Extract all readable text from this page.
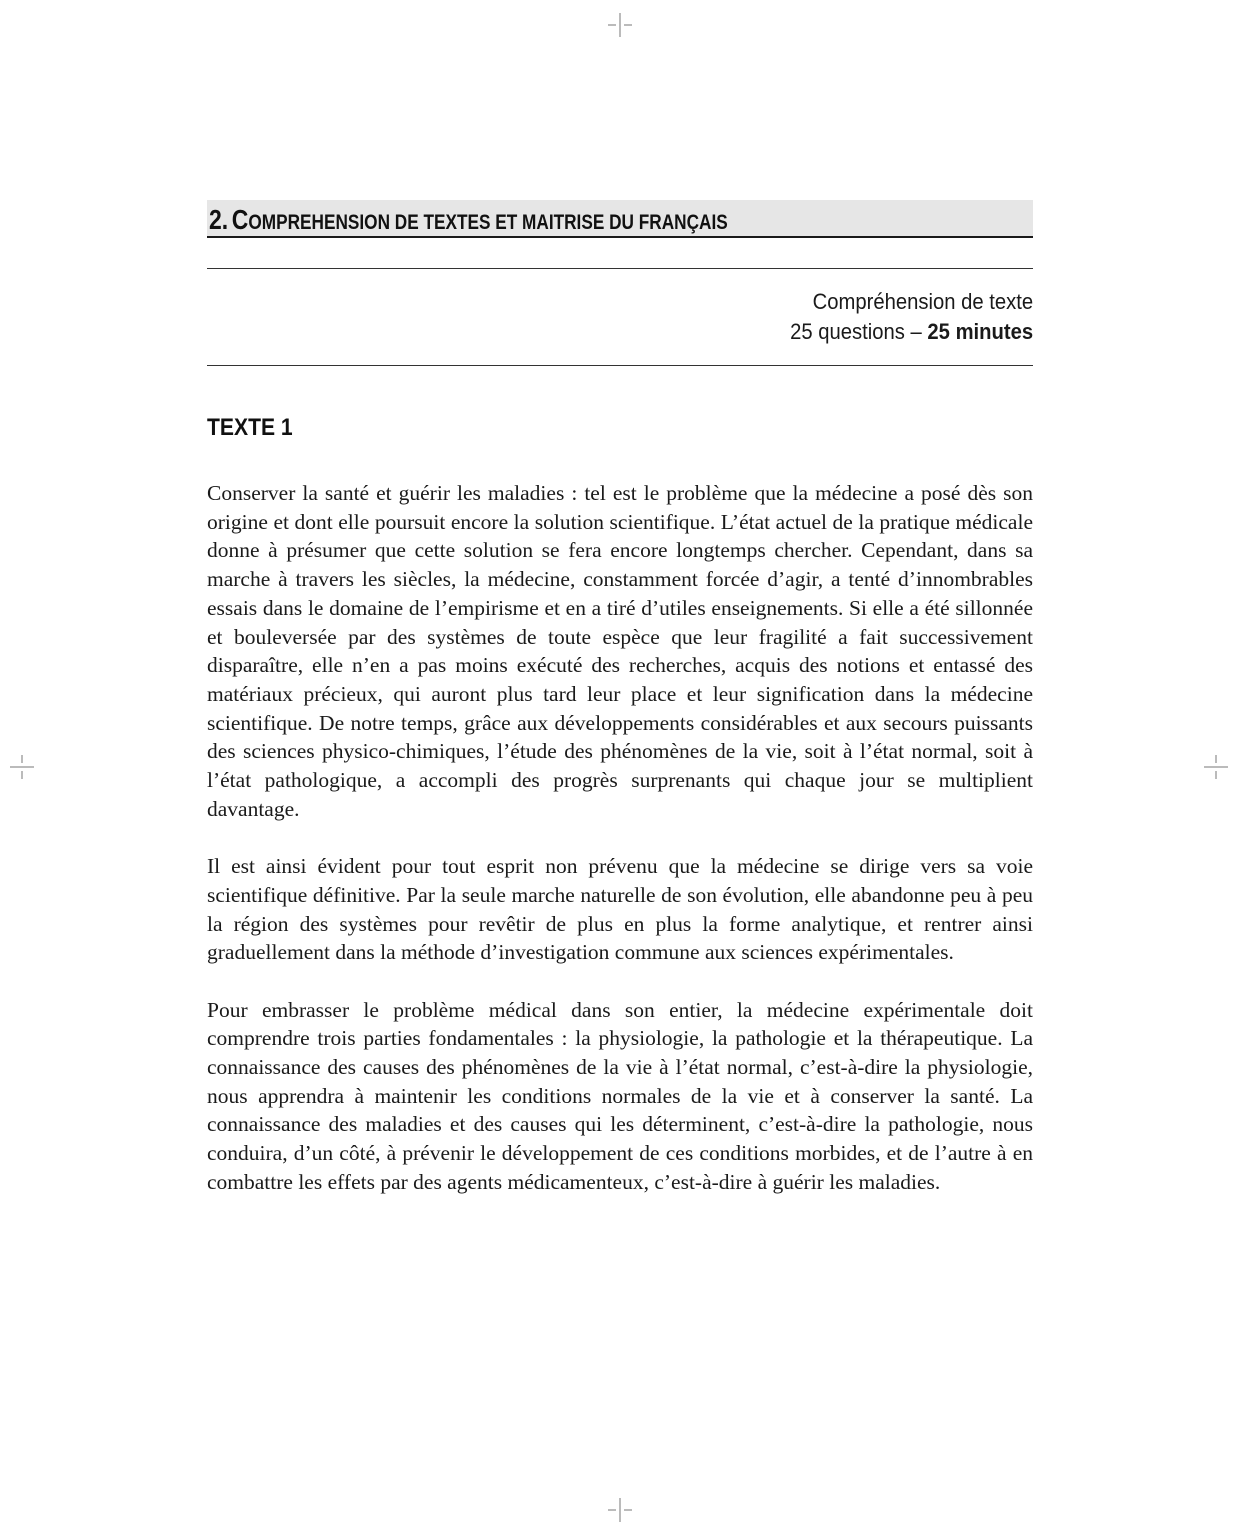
2. COMPREHENSION DE TEXTES ET MAITRISE DU FRANÇAIS
Compréhension de texte
25 questions – 25 minutes
TEXTE 1

Conserver la santé et guérir les maladies : tel est le problème que la médecine a posé dès son origine et dont elle poursuit encore la solution scientifique. L’état actuel de la pratique médicale donne à présumer que cette solution se fera encore longtemps chercher. Cependant, dans sa marche à travers les siècles, la médecine, constamment forcée d’agir, a tenté d’innombrables essais dans le domaine de l’empirisme et en a tiré d’utiles enseignements. Si elle a été sillonnée et bouleversée par des systèmes de toute espèce que leur fragilité a fait successivement disparaître, elle n’en a pas moins exécuté des recherches, acquis des notions et entassé des matériaux précieux, qui auront plus tard leur place et leur signification dans la médecine scientifique. De notre temps, grâce aux développements considérables et aux secours puissants des sciences physico-chimiques, l’étude des phénomènes de la vie, soit à l’état normal, soit à l’état pathologique, a accompli des progrès surprenants qui chaque jour se multiplient davantage.

Il est ainsi évident pour tout esprit non prévenu que la médecine se dirige vers sa voie scientifique définitive. Par la seule marche naturelle de son évolution, elle abandonne peu à peu la région des systèmes pour revêtir de plus en plus la forme analytique, et rentrer ainsi graduellement dans la méthode d’investigation commune aux sciences expérimentales.

Pour embrasser le problème médical dans son entier, la médecine expérimentale doit comprendre trois parties fondamentales : la physiologie, la pathologie et la thérapeutique. La connaissance des causes des phénomènes de la vie à l’état normal, c’est-à-dire la physiologie, nous apprendra à maintenir les conditions normales de la vie et à conserver la santé. La connaissance des maladies et des causes qui les déterminent, c’est-à-dire la pathologie, nous conduira, d’un côté, à prévenir le développement de ces conditions morbides, et de l’autre à en combattre les effets par des agents médicamenteux, c’est-à-dire à guérir les maladies.
